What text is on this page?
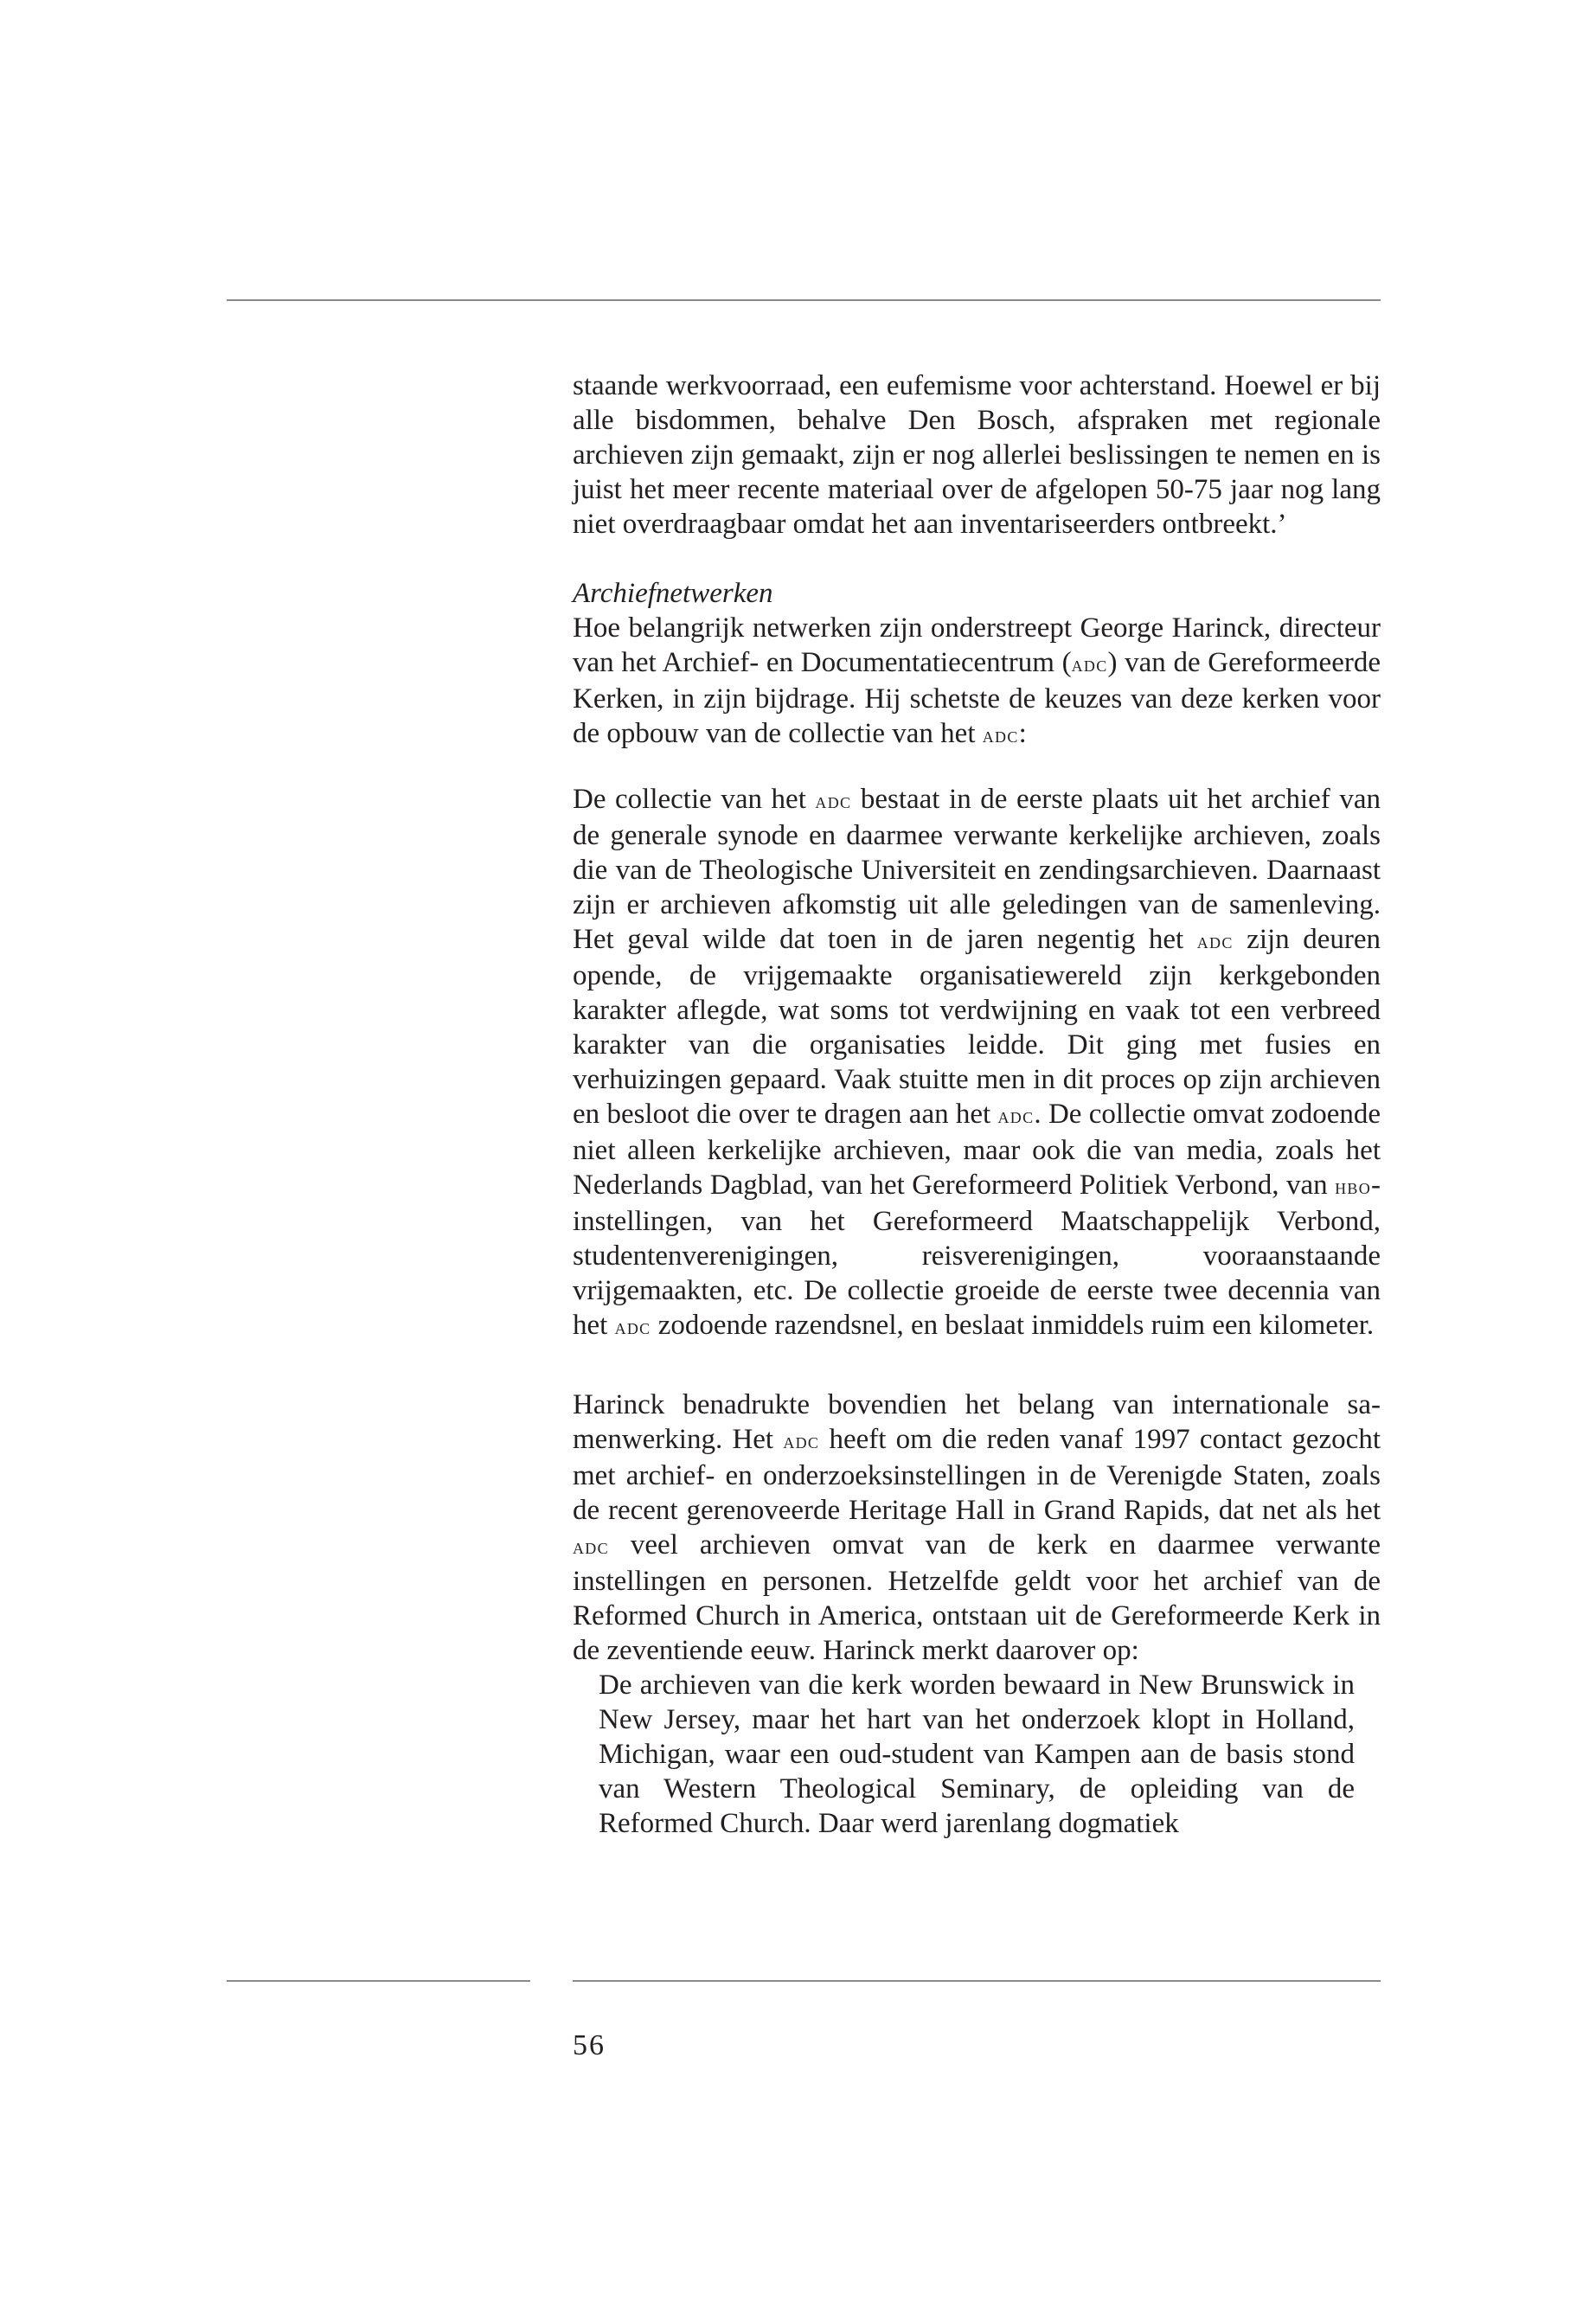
staande werkvoorraad, een eufemisme voor achterstand. Hoewel er bij alle bisdommen, behalve Den Bosch, afspraken met regionale archieven zijn gemaakt, zijn er nog allerlei beslissingen te nemen en is juist het meer recente materiaal over de afgelopen 50-75 jaar nog lang niet overdraagbaar omdat het aan inventariseerders ontbreekt.’

Archiefnetwerken

Hoe belangrijk netwerken zijn onderstreept George Harinck, directeur van het Archief- en Documentatiecentrum (adc) van de Gereformeerde Kerken, in zijn bijdrage. Hij schetste de keuzes van deze kerken voor de opbouw van de collectie van het adc:

De collectie van het adc bestaat in de eerste plaats uit het archief van de generale synode en daarmee verwante kerkelijke archieven, zoals die van de Theologische Universiteit en zendingsarchieven. Daarnaast zijn er archieven afkomstig uit alle geledingen van de samenleving. Het geval wilde dat toen in de jaren negentig het adc zijn deuren opende, de vrijgemaakte organisatiewereld zijn kerkgebonden karakter aflegde, wat soms tot verdwijning en vaak tot een verbreed karakter van die organisaties leidde. Dit ging met fusies en verhuizingen gepaard. Vaak stuitte men in dit proces op zijn archieven en besloot die over te dragen aan het adc. De collectie omvat zodoende niet alleen kerkelijke archieven, maar ook die van media, zoals het Nederlands Dagblad, van het Gereformeerd Politiek Verbond, van hbo-instellingen, van het Gereformeerd Maatschappelijk Verbond, studentenverenigingen, reisverenigingen, vooraanstaande vrijgemaakten, etc. De collectie groeide de eerste twee decennia van het adc zodoende razendsnel, en beslaat inmiddels ruim een kilometer.

Harinck benadrukte bovendien het belang van internationale samenwerking. Het adc heeft om die reden vanaf 1997 contact gezocht met archief- en onderzoeksinstellingen in de Verenigde Staten, zoals de recent gerenoveerde Heritage Hall in Grand Rapids, dat net als het adc veel archieven omvat van de kerk en daarmee verwante instellingen en personen. Hetzelfde geldt voor het archief van de Reformed Church in America, ontstaan uit de Gereformeerde Kerk in de zeventiende eeuw. Harinck merkt daarover op:

De archieven van die kerk worden bewaard in New Brunswick in New Jersey, maar het hart van het onderzoek klopt in Holland, Michigan, waar een oud-student van Kampen aan de basis stond van Western Theological Seminary, de opleiding van de Reformed Church. Daar werd jarenlang dogmatiek

56
